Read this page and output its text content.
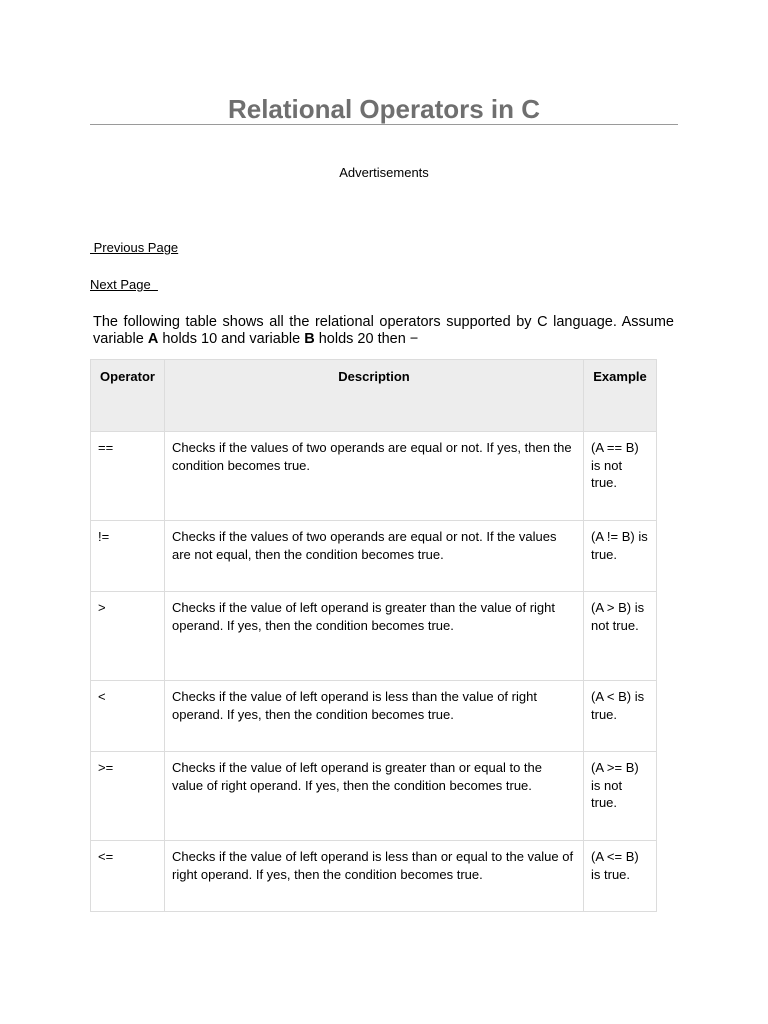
Relational Operators in C
Advertisements
Previous Page
Next Page

The following table shows all the relational operators supported by C language. Assume variable A holds 10 and variable B holds 20 then −

Operator	Description	Example
==	Checks if the values of two operands are equal or not. If yes, then the condition becomes true.	(A == B) is not true.
!=	Checks if the values of two operands are equal or not. If the values are not equal, then the condition becomes true.	(A != B) is true.
>	Checks if the value of left operand is greater than the value of right operand. If yes, then the condition becomes true.	(A > B) is not true.
<	Checks if the value of left operand is less than the value of right operand. If yes, then the condition becomes true.	(A < B) is true.
>=	Checks if the value of left operand is greater than or equal to the value of right operand. If yes, then the condition becomes true.	(A >= B) is not true.
<=	Checks if the value of left operand is less than or equal to the value of right operand. If yes, then the condition becomes true.	(A <= B) is true.
